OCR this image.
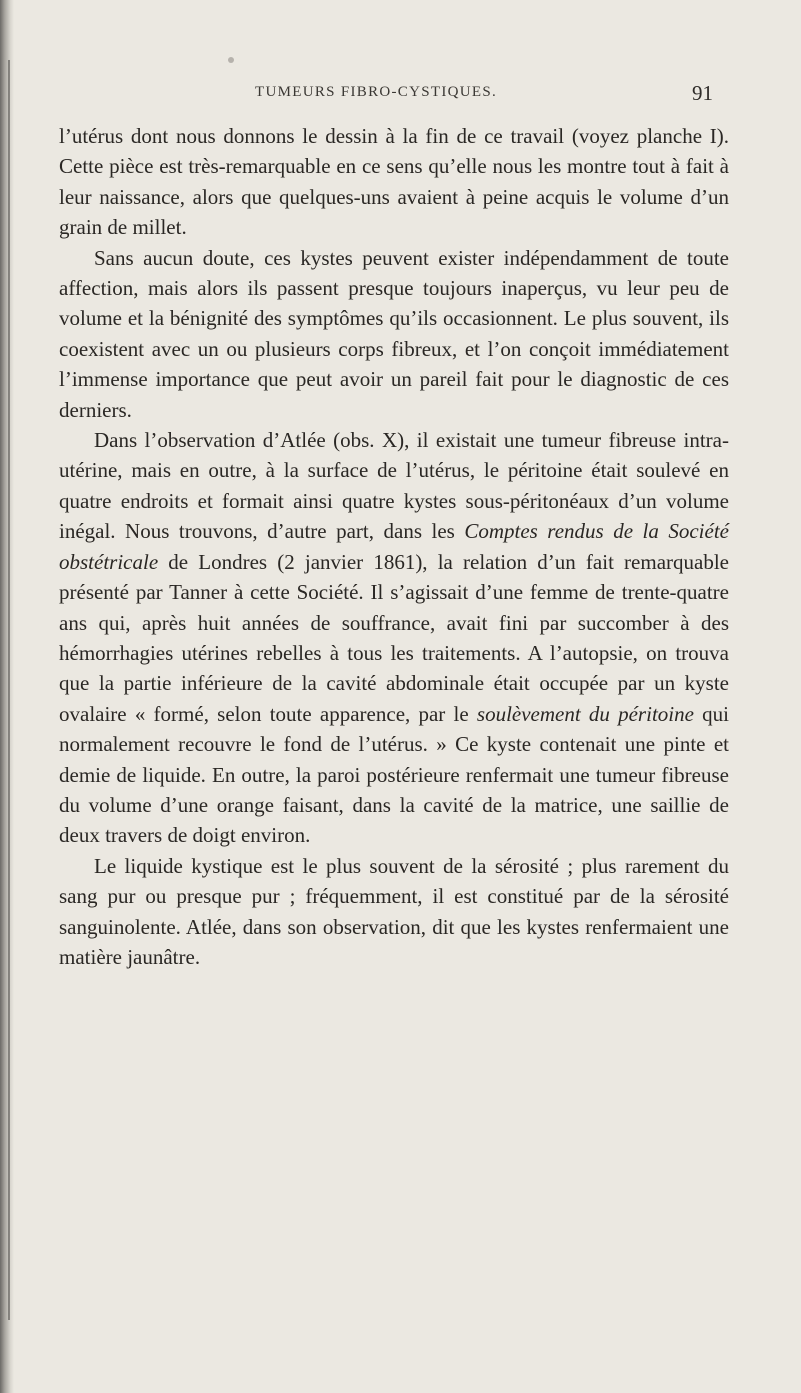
TUMEURS FIBRO-CYSTIQUES.	91

l’utérus dont nous donnons le dessin à la fin de ce travail (voyez planche I). Cette pièce est très-remarquable en ce sens qu’elle nous les montre tout à fait à leur naissance, alors que quelques-uns avaient à peine acquis le volume d’un grain de millet.

Sans aucun doute, ces kystes peuvent exister indépendamment de toute affection, mais alors ils passent presque toujours inaperçus, vu leur peu de volume et la bénignité des symptômes qu’ils occasionnent. Le plus souvent, ils coexistent avec un ou plusieurs corps fibreux, et l’on conçoit immédiatement l’immense importance que peut avoir un pareil fait pour le diagnostic de ces derniers.

Dans l’observation d’Atlée (obs. X), il existait une tumeur fibreuse intra-utérine, mais en outre, à la surface de l’utérus, le péritoine était soulevé en quatre endroits et formait ainsi quatre kystes sous-péritonéaux d’un volume inégal. Nous trouvons, d’autre part, dans les Comptes rendus de la Société obstétricale de Londres (2 janvier 1861), la relation d’un fait remarquable présenté par Tanner à cette Société. Il s’agissait d’une femme de trente-quatre ans qui, après huit années de souffrance, avait fini par succomber à des hémorrhagies utérines rebelles à tous les traitements. A l’autopsie, on trouva que la partie inférieure de la cavité abdominale était occupée par un kyste ovalaire « formé, selon toute apparence, par le soulèvement du péritoine qui normalement recouvre le fond de l’utérus. » Ce kyste contenait une pinte et demie de liquide. En outre, la paroi postérieure renfermait une tumeur fibreuse du volume d’une orange faisant, dans la cavité de la matrice, une saillie de deux travers de doigt environ.

Le liquide kystique est le plus souvent de la sérosité ; plus rarement du sang pur ou presque pur ; fréquemment, il est constitué par de la sérosité sanguinolente. Atlée, dans son observation, dit que les kystes renfermaient une matière jaunâtre.
